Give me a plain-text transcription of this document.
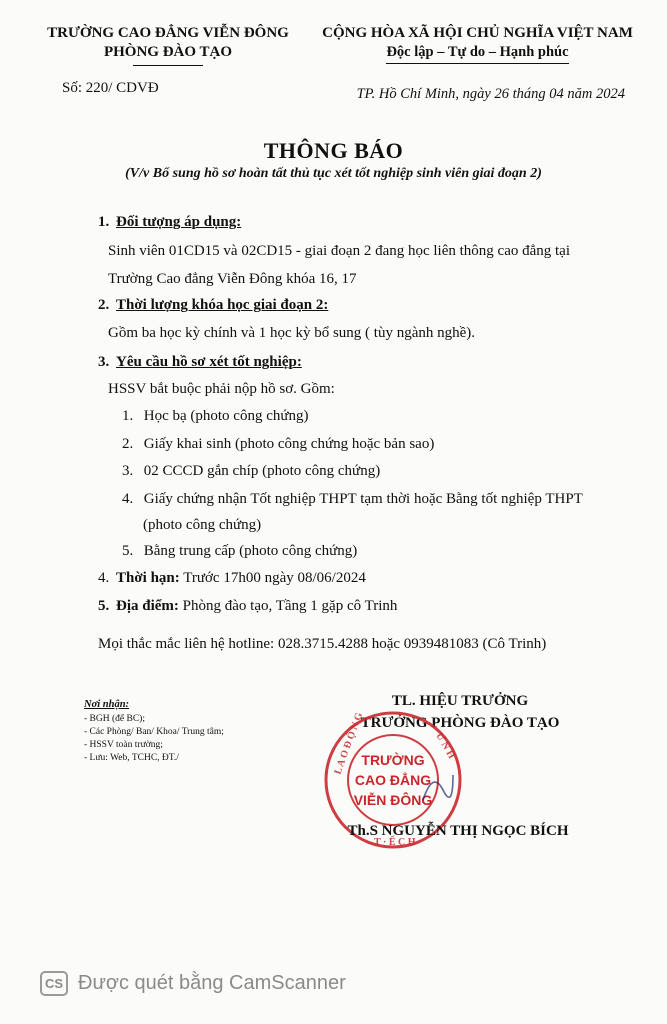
TRƯỜNG CAO ĐẲNG VIỄN ĐÔNG
PHÒNG ĐÀO TẠO
Số: 220/ CDVĐ
CỘNG HÒA XÃ HỘI CHỦ NGHĨA VIỆT NAM
Độc lập – Tự do – Hạnh phúc
TP. Hồ Chí Minh, ngày 26 tháng 04 năm 2024
THÔNG BÁO
(V/v Bổ sung hồ sơ hoàn tất thủ tục xét tốt nghiệp sinh viên giai đoạn 2)
1. Đối tượng áp dụng:
Sinh viên 01CD15 và 02CD15 - giai đoạn 2 đang học liên thông cao đẳng tại
Trường Cao đẳng Viễn Đông khóa 16, 17
2. Thời lượng khóa học giai đoạn 2:
Gồm ba học kỳ chính và 1 học kỳ bổ sung ( tùy ngành nghề).
3. Yêu cầu hồ sơ xét tốt nghiệp:
HSSV bắt buộc phải nộp hồ sơ. Gồm:
1. Học bạ (photo công chứng)
2. Giấy khai sinh (photo công chứng hoặc bản sao)
3. 02 CCCD gắn chíp (photo công chứng)
4. Giấy chứng nhận Tốt nghiệp THPT tạm thời hoặc Bằng tốt nghiệp THPT
(photo công chứng)
5. Bằng trung cấp (photo công chứng)
4. Thời hạn: Trước 17h00 ngày 08/06/2024
5. Địa điểm: Phòng đào tạo, Tầng 1 gặp cô Trinh
Mọi thắc mắc liên hệ hotline: 028.3715.4288 hoặc 0939481083 (Cô Trinh)
Nơi nhận:
- BGH (để BC);
- Các Phòng/ Ban/ Khoa/ Trung tâm;
- HSSV toàn trường;
- Lưu: Web, TCHC, ĐT./
TL. HIỆU TRƯỞNG
TRƯỞNG PHÒNG ĐÀO TẠO
L A O Đ Ộ N G	Ư N H
T · Ế C H
TRƯỜNG
CAO ĐẲNG
VIỄN ĐÔNG
Th.S NGUYỄN THỊ NGỌC BÍCH
CS Được quét bằng CamScanner
